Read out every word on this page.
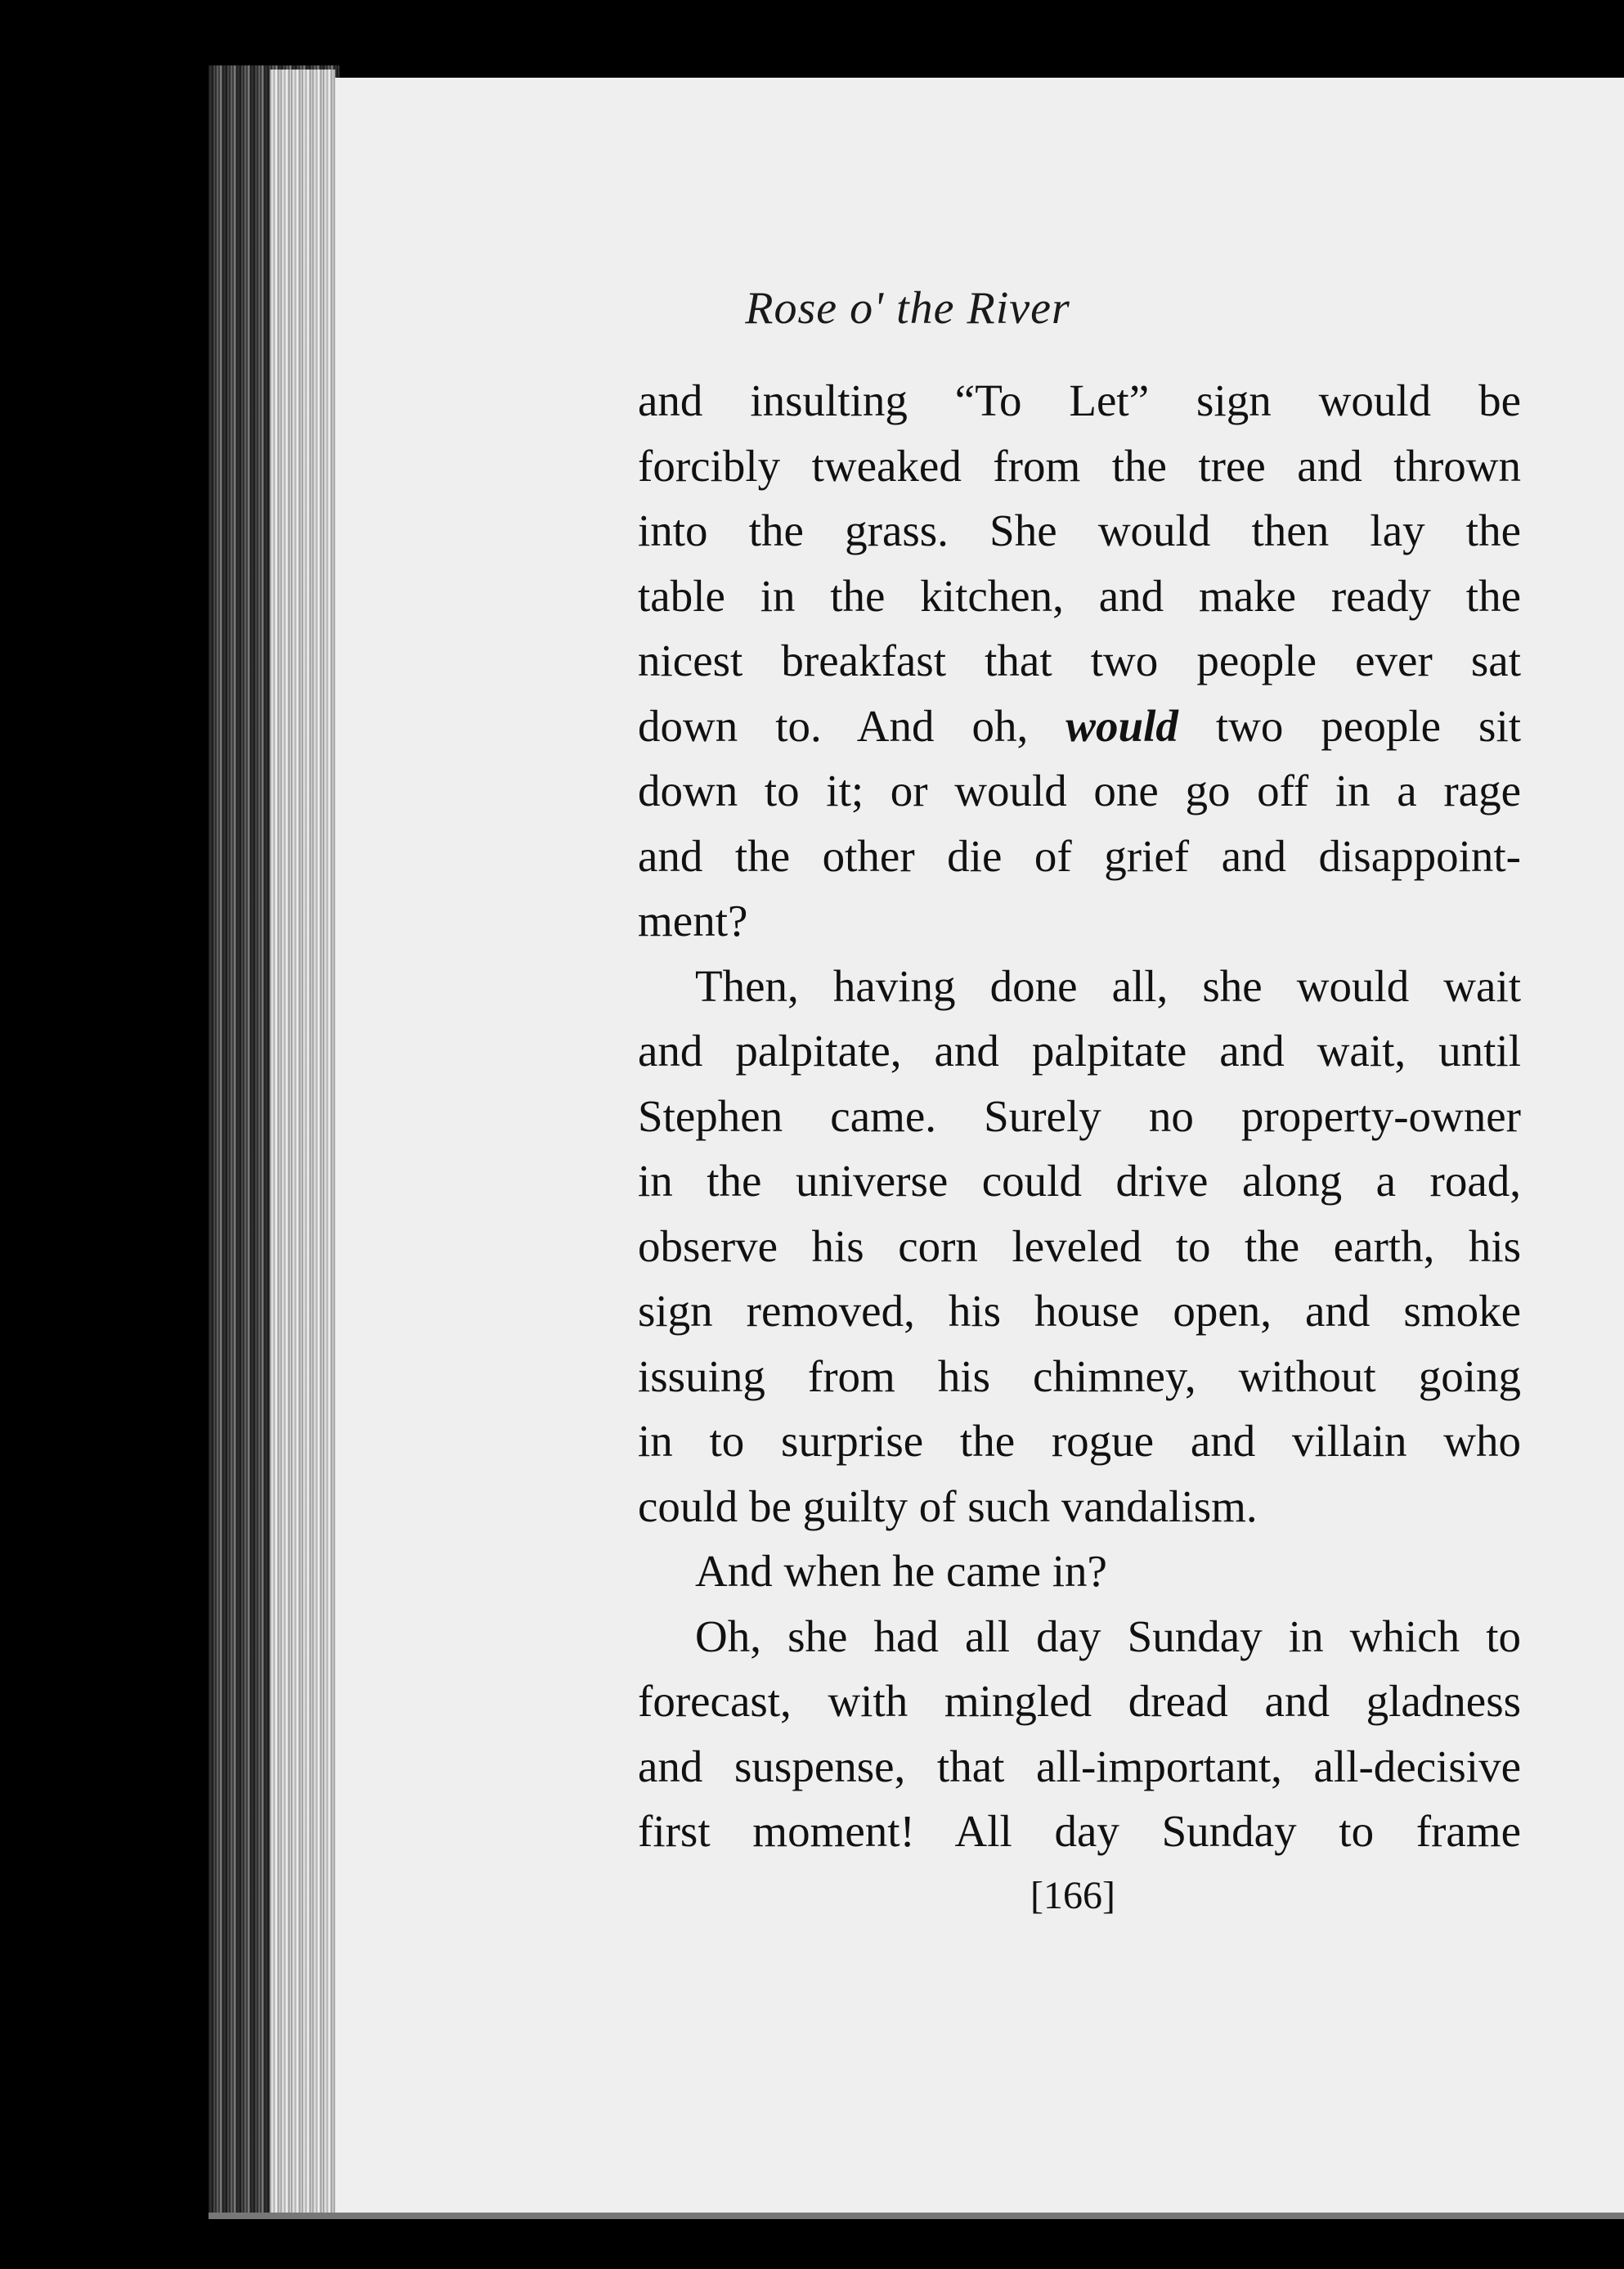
Rose o' the River
and insulting “To Let” sign would be
forcibly tweaked from the tree and thrown
into the grass. She would then lay the
table in the kitchen, and make ready the
nicest breakfast that two people ever sat
down to. And oh, would two people sit
down to it; or would one go off in a rage
and the other die of grief and disappoint-
ment?
Then, having done all, she would wait
and palpitate, and palpitate and wait, until
Stephen came. Surely no property-owner
in the universe could drive along a road,
observe his corn leveled to the earth, his
sign removed, his house open, and smoke
issuing from his chimney, without going
in to surprise the rogue and villain who
could be guilty of such vandalism.
And when he came in?
Oh, she had all day Sunday in which to
forecast, with mingled dread and gladness
and suspense, that all-important, all-decisive
first moment! All day Sunday to frame
[166]
